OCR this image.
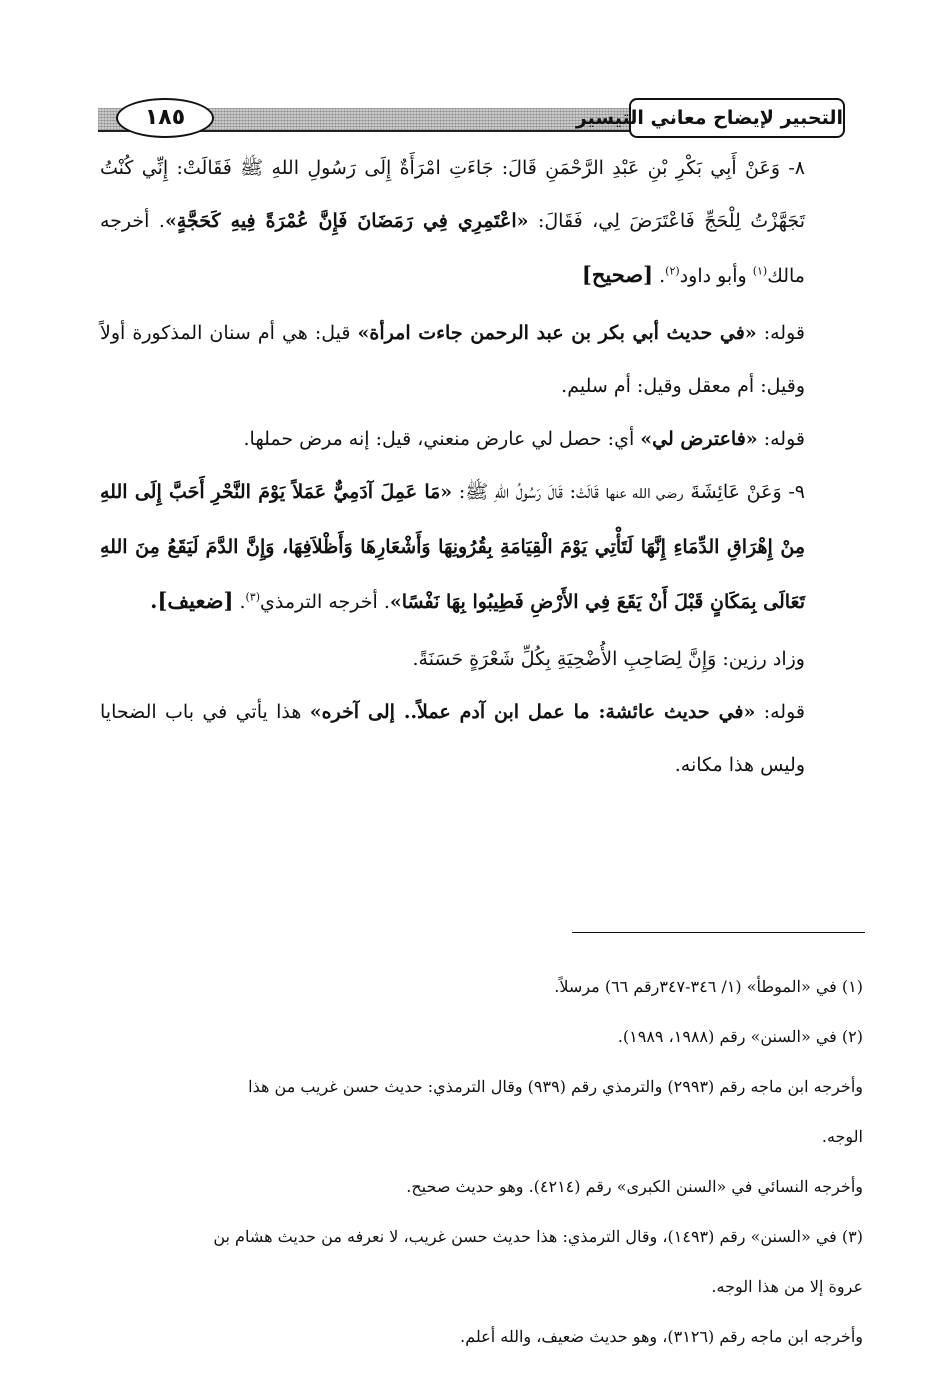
١٨٥	التحبير لإيضاح معاني التيسير

٨- وَعَنْ أَبِي بَكْرِ بْنِ عَبْدِ الرَّحْمَنِ قَالَ: جَاءَتِ امْرَأَةٌ إِلَى رَسُولِ اللهِ ﷺ فَقَالَتْ: إِنِّي كُنْتُ تَجَهَّزْتُ لِلْحَجِّ فَاعْتَرَضَ لِي، فَقَالَ: «اعْتَمِرِي فِي رَمَضَانَ فَإِنَّ عُمْرَةً فِيهِ كَحَجَّةٍ». أخرجه مالك$^{(١)}$ وأبو داود$^{(٢)}$. [صحيح]

قوله: «في حديث أبي بكر بن عبد الرحمن جاءت امرأة» قيل: هي أم سنان المذكورة أولاً وقيل: أم معقل وقيل: أم سليم.

قوله: «فاعترض لي» أي: حصل لي عارض منعني، قيل: إنه مرض حملها.

٩- وَعَنْ عَائِشَةَ رضي الله عنها قَالَتْ: قَالَ رَسُولُ اللهِ ﷺ: «مَا عَمِلَ آدَمِيٌّ عَمَلاً يَوْمَ النَّحْرِ أَحَبَّ إِلَى اللهِ مِنْ إِهْرَاقِ الدِّمَاءِ إِنَّهَا لَتَأْتِي يَوْمَ الْقِيَامَةِ بِقُرُونِهَا وَأَشْعَارِهَا وَأَظْلاَفِهَا، وَإِنَّ الدَّمَ لَيَقَعُ مِنَ اللهِ تَعَالَى بِمَكَانٍ قَبْلَ أَنْ يَقَعَ فِي الأَرْضِ فَطِيبُوا بِهَا نَفْسًا». أخرجه الترمذي$^{(٣)}$. [ضعيف].

وزاد رزين: وَإِنَّ لِصَاحِبِ الأُضْحِيَةِ بِكُلِّ شَعْرَةٍ حَسَنَةً.

قوله: «في حديث عائشة: ما عمل ابن آدم عملاً.. إلى آخره» هذا يأتي في باب الضحايا وليس هذا مكانه.

(١) في «الموطأ» (١/ ٣٤٦-٣٤٧رقم ٦٦) مرسلاً.

(٢) في «السنن» رقم (١٩٨٨، ١٩٨٩).

وأخرجه ابن ماجه رقم (٢٩٩٣) والترمذي رقم (٩٣٩) وقال الترمذي: حديث حسن غريب من هذا

الوجه.

وأخرجه النسائي في «السنن الكبرى» رقم (٤٢١٤). وهو حديث صحيح.

(٣) في «السنن» رقم (١٤٩٣)، وقال الترمذي: هذا حديث حسن غريب، لا نعرفه من حديث هشام بن

عروة إلا من هذا الوجه.

وأخرجه ابن ماجه رقم (٣١٢٦)، وهو حديث ضعيف، والله أعلم.
